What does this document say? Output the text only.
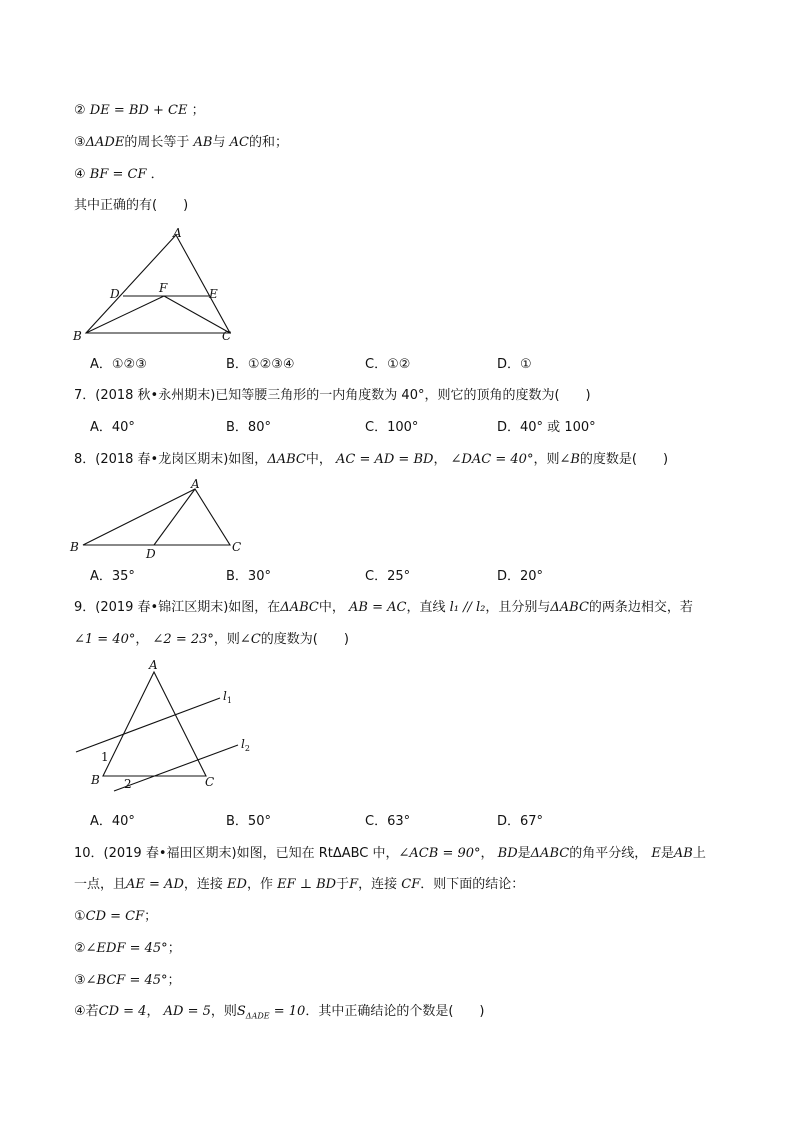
② DE = BD + CE ；
③ΔADE的周长等于 AB与 AC的和；
④ BF = CF ．
其中正确的有(　　)
A
B	C
D	E
F
A．①②③	B．①②③④	C．①②	D．①
7．(2018 秋•永州期末)已知等腰三角形的一内角度数为 40°，则它的顶角的度数为(　　)
A．40°	B．80°	C．100°	D．40° 或 100°
8．(2018 春•龙岗区期末)如图，ΔABC中， AC = AD = BD， ∠DAC = 40°，则∠B的度数是(　　)
A
B	C
D
A．35°	B．30°	C．25°	D．20°
9．(2019 春•锦江区期末)如图，在ΔABC中， AB = AC，直线 l₁ // l₂，且分别与ΔABC的两条边相交，若
∠1 = 40°， ∠2 = 23°，则∠C的度数为(　　)
A
B	C
$l_1$
$l_2$
1
2
A．40°	B．50°	C．63°	D．67°
10．(2019 春•福田区期末)如图，已知在 RtΔABC 中，∠ACB = 90°， BD是ΔABC的角平分线， E是AB上
一点，且AE = AD，连接 ED，作 EF ⊥ BD于F，连接 CF．则下面的结论：
①CD = CF；
②∠EDF = 45°；
③∠BCF = 45°；
④若CD = 4， AD = 5，则$S_{\Delta ADE} = 10$．其中正确结论的个数是(　　)
